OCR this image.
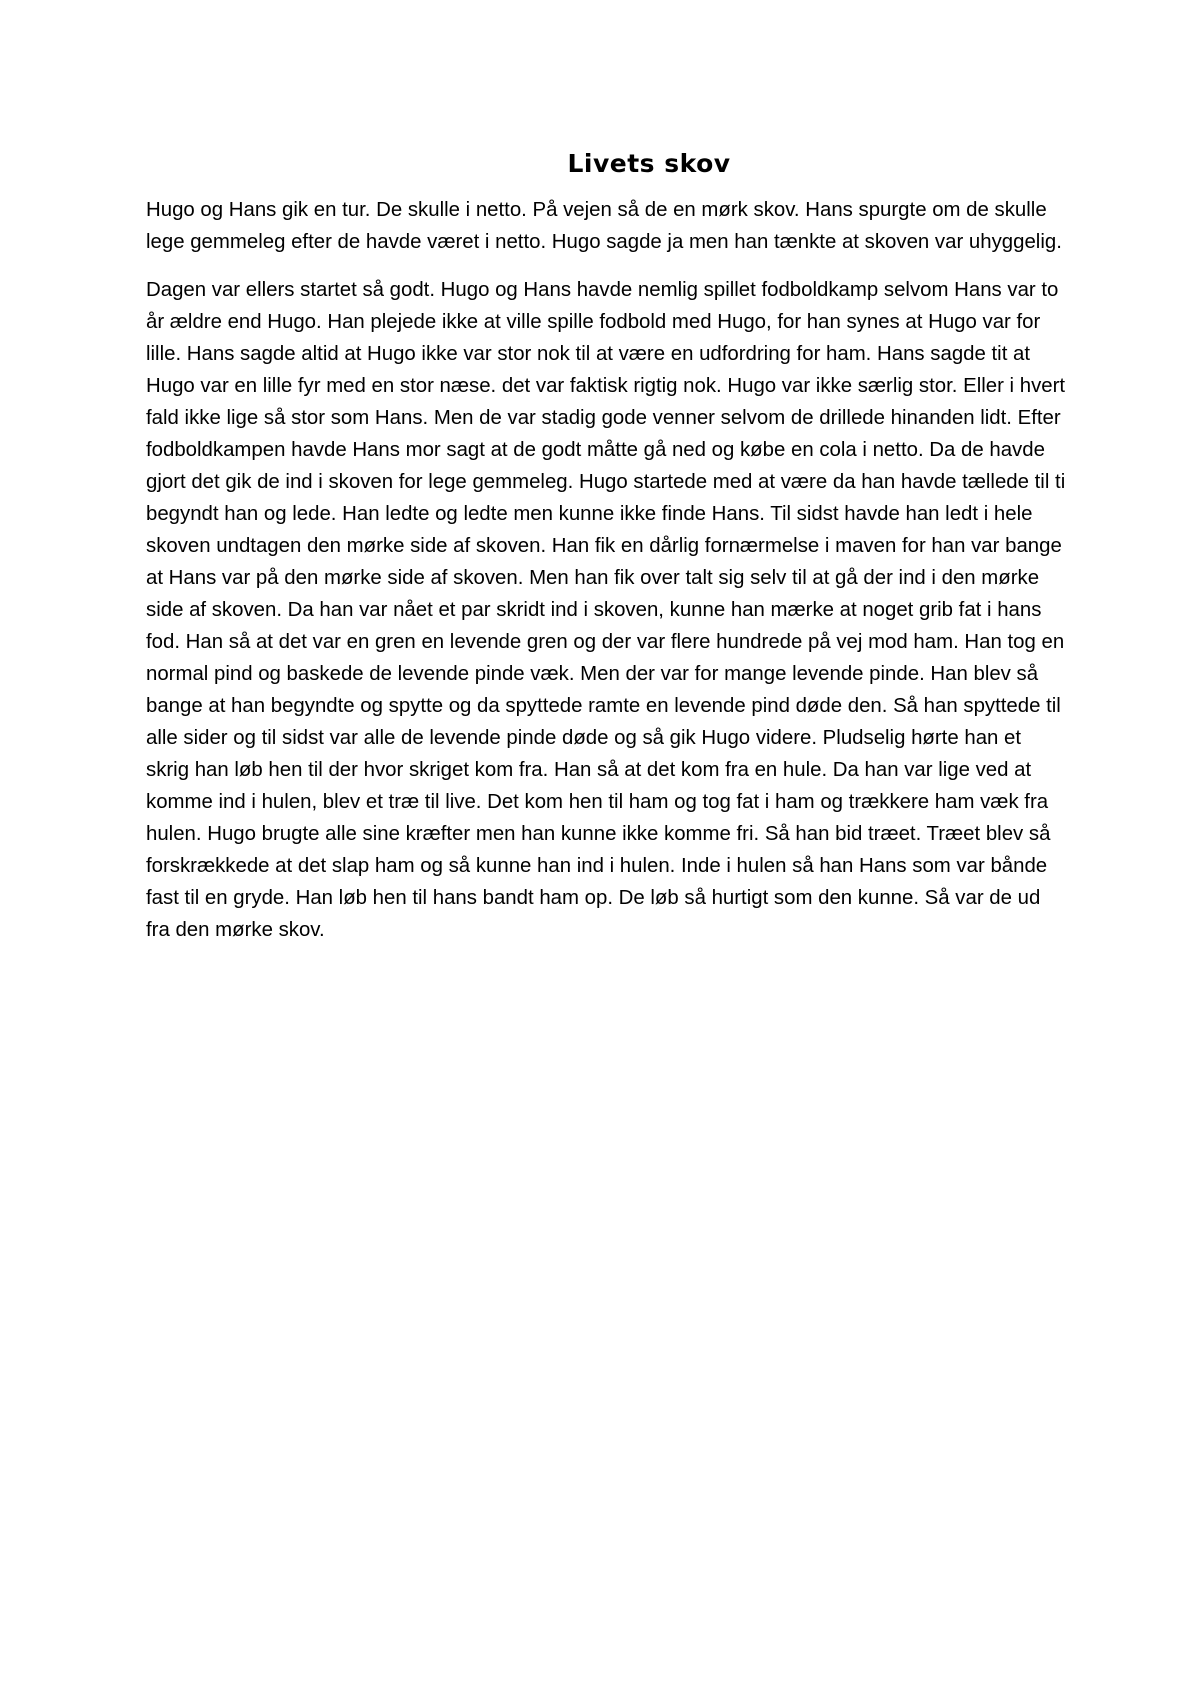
Livets skov

Hugo og Hans gik en tur. De skulle i netto. På vejen så de en mørk skov. Hans spurgte om de skulle lege gemmeleg efter de havde været i netto. Hugo sagde ja men han tænkte at skoven var uhyggelig.

Dagen var ellers startet så godt. Hugo og Hans havde nemlig spillet fodboldkamp selvom Hans var to år ældre end Hugo. Han plejede ikke at ville spille fodbold med Hugo, for han synes at Hugo var for lille. Hans sagde altid at Hugo ikke var stor nok til at være en udfordring for ham. Hans sagde tit at Hugo var en lille fyr med en stor næse. det var faktisk rigtig nok. Hugo var ikke særlig stor. Eller i hvert fald ikke lige så stor som Hans. Men de var stadig gode venner selvom de drillede hinanden lidt. Efter fodboldkampen havde Hans mor sagt at de godt måtte gå ned og købe en cola i netto. Da de havde gjort det gik de ind i skoven for lege gemmeleg. Hugo startede med at være da han havde tællede til ti begyndt han og lede. Han ledte og ledte men kunne ikke finde Hans. Til sidst havde han ledt i hele skoven undtagen den mørke side af skoven. Han fik en dårlig fornærmelse i maven for han var bange at Hans var på den mørke side af skoven. Men han fik over talt sig selv til at gå der ind i den mørke side af skoven. Da han var nået et par skridt ind i skoven, kunne han mærke at noget grib fat i hans fod. Han så at det var en gren en levende gren og der var flere hundrede på vej mod ham. Han tog en normal pind og baskede de levende pinde væk. Men der var for mange levende pinde. Han blev så bange at han begyndte og spytte og da spyttede ramte en levende pind døde den. Så han spyttede til alle sider og til sidst var alle de levende pinde døde og så gik Hugo videre. Pludselig hørte han et skrig han løb hen til der hvor skriget kom fra. Han så at det kom fra en hule. Da han var lige ved at komme ind i hulen, blev et træ til live. Det kom hen til ham og tog fat i ham og trækkere ham væk fra hulen. Hugo brugte alle sine kræfter men han kunne ikke komme fri. Så han bid træet. Træet blev så forskrækkede at det slap ham og så kunne han ind i hulen. Inde i hulen så han Hans som var bånde fast til en gryde. Han løb hen til hans bandt ham op. De løb så hurtigt som den kunne. Så var de ud fra den mørke skov.
